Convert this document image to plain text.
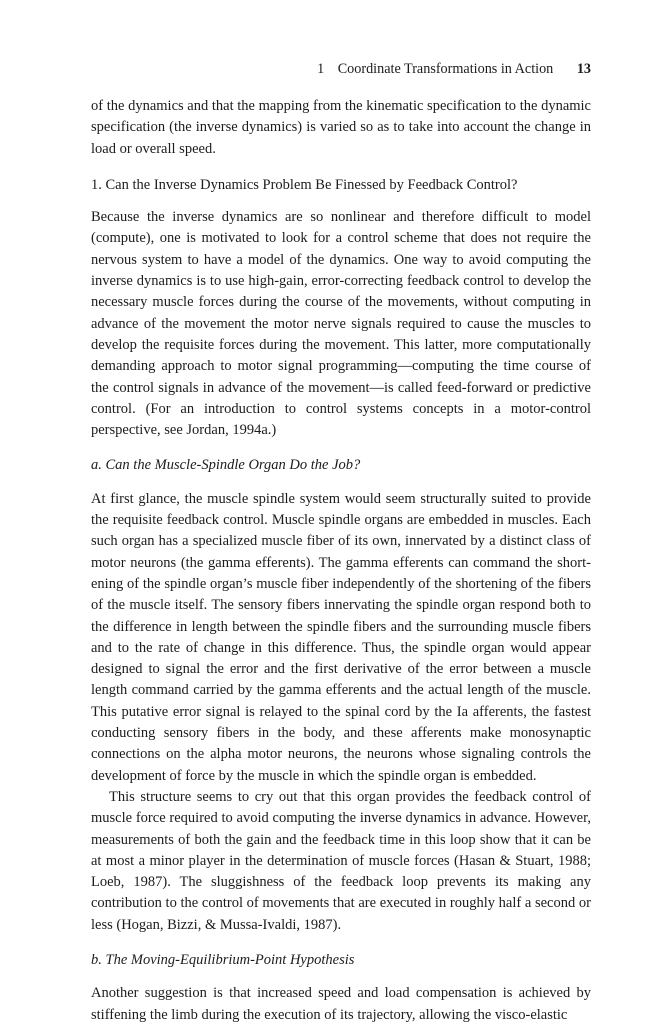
1 Coordinate Transformations in Action 13

of the dynamics and that the mapping from the kinematic specification to the dynamic specification (the inverse dynamics) is varied so as to take into account the change in load or overall speed.

1. Can the Inverse Dynamics Problem Be Finessed by Feedback Control?

Because the inverse dynamics are so nonlinear and therefore difficult to model (compute), one is motivated to look for a control scheme that does not require the nervous system to have a model of the dynamics. One way to avoid computing the inverse dynamics is to use high-gain, error-correcting feedback control to develop the necessary muscle forces during the course of the movements, without computing in advance of the movement the motor nerve signals required to cause the muscles to develop the requisite forces during the movement. This latter, more computationally demanding approach to motor signal programming—computing the time course of the control signals in advance of the movement—is called feed-forward or predictive control. (For an introduction to control systems concepts in a motor-control perspective, see Jordan, 1994a.)

a. Can the Muscle-Spindle Organ Do the Job?

At first glance, the muscle spindle system would seem structurally suited to provide the requisite feedback control. Muscle spindle organs are embedded in muscles. Each such organ has a specialized muscle fiber of its own, innervated by a distinct class of motor neurons (the gamma efferents). The gamma efferents can command the shortening of the spindle organ’s muscle fiber independently of the shortening of the fibers of the muscle itself. The sensory fibers innervating the spindle organ respond both to the difference in length between the spindle fibers and the surrounding muscle fibers and to the rate of change in this difference. Thus, the spindle organ would appear designed to signal the error and the first derivative of the error between a muscle length command carried by the gamma efferents and the actual length of the muscle. This putative error signal is relayed to the spinal cord by the Ia afferents, the fastest conducting sensory fibers in the body, and these afferents make monosynaptic connections on the alpha motor neurons, the neurons whose signaling controls the development of force by the muscle in which the spindle organ is embedded.

This structure seems to cry out that this organ provides the feedback control of muscle force required to avoid computing the inverse dynamics in advance. However, measurements of both the gain and the feedback time in this loop show that it can be at most a minor player in the determination of muscle forces (Hasan & Stuart, 1988; Loeb, 1987). The sluggishness of the feedback loop prevents its making any contribution to the control of movements that are executed in roughly half a second or less (Hogan, Bizzi, & Mussa-Ivaldi, 1987).

b. The Moving-Equilibrium-Point Hypothesis

Another suggestion is that increased speed and load compensation is achieved by stiffening the limb during the execution of its trajectory, allowing the visco-elastic
